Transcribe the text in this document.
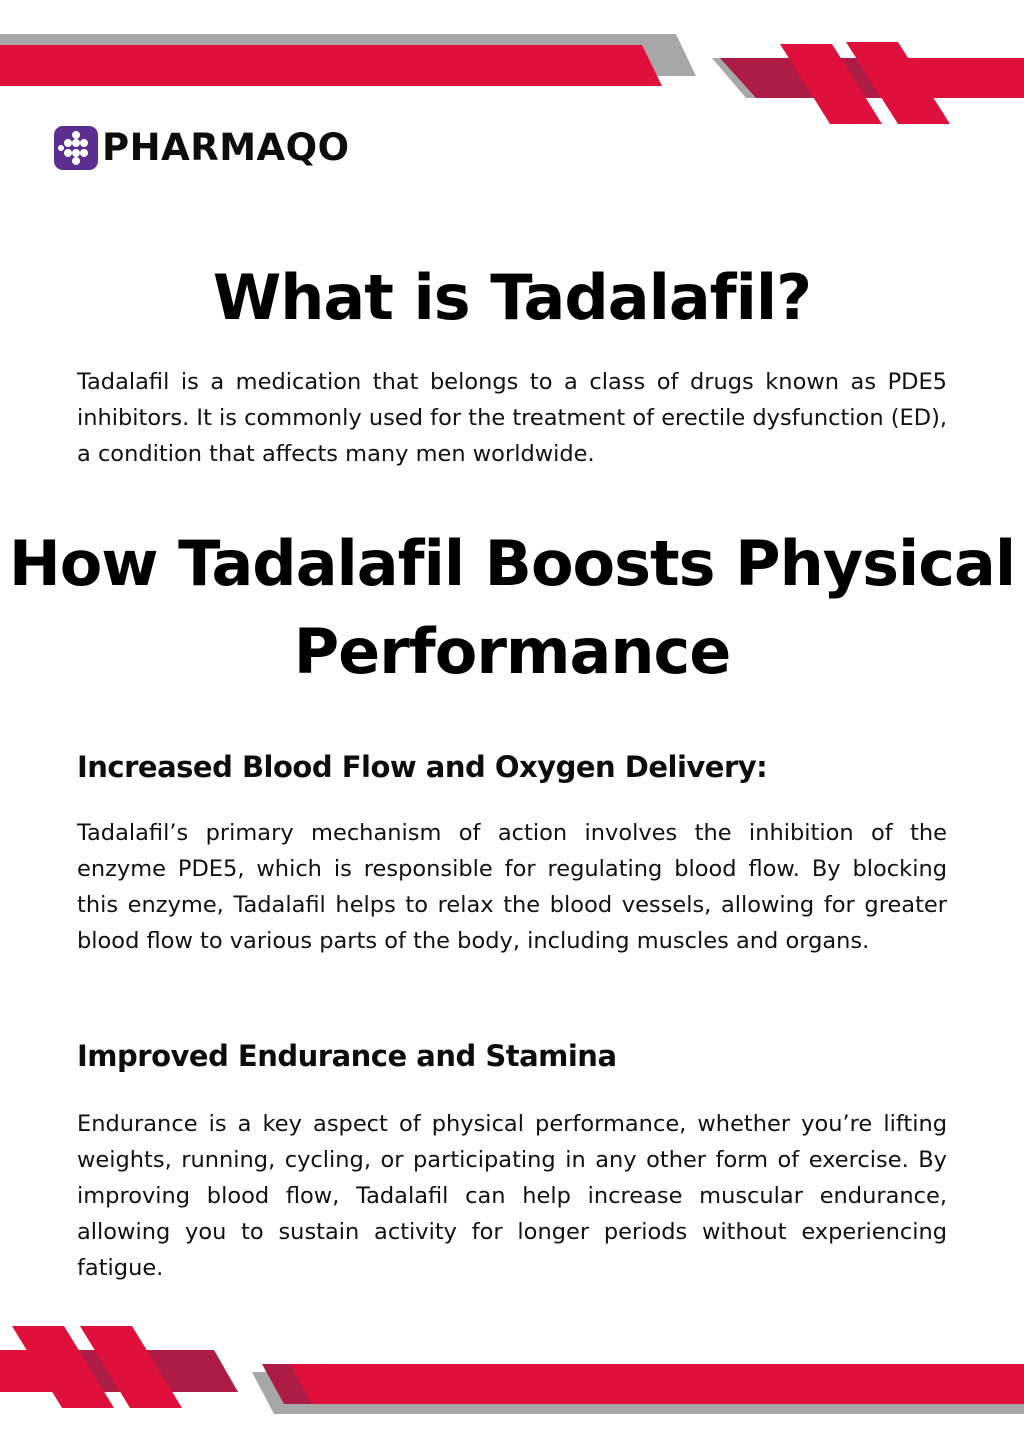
PHARMAQO
What is Tadalafil?

Tadalafil is a medication that belongs to a class of drugs known as PDE5 inhibitors. It is commonly used for the treatment of erectile dysfunction (ED), a condition that affects many men worldwide.

How Tadalafil Boosts Physical Performance
Increased Blood Flow and Oxygen Delivery:

Tadalafil’s primary mechanism of action involves the inhibition of the enzyme PDE5, which is responsible for regulating blood flow. By blocking this enzyme, Tadalafil helps to relax the blood vessels, allowing for greater blood flow to various parts of the body, including muscles and organs.

Improved Endurance and Stamina

Endurance is a key aspect of physical performance, whether you’re lifting weights, running, cycling, or participating in any other form of exercise. By improving blood flow, Tadalafil can help increase muscular endurance, allowing you to sustain activity for longer periods without experiencing fatigue.
